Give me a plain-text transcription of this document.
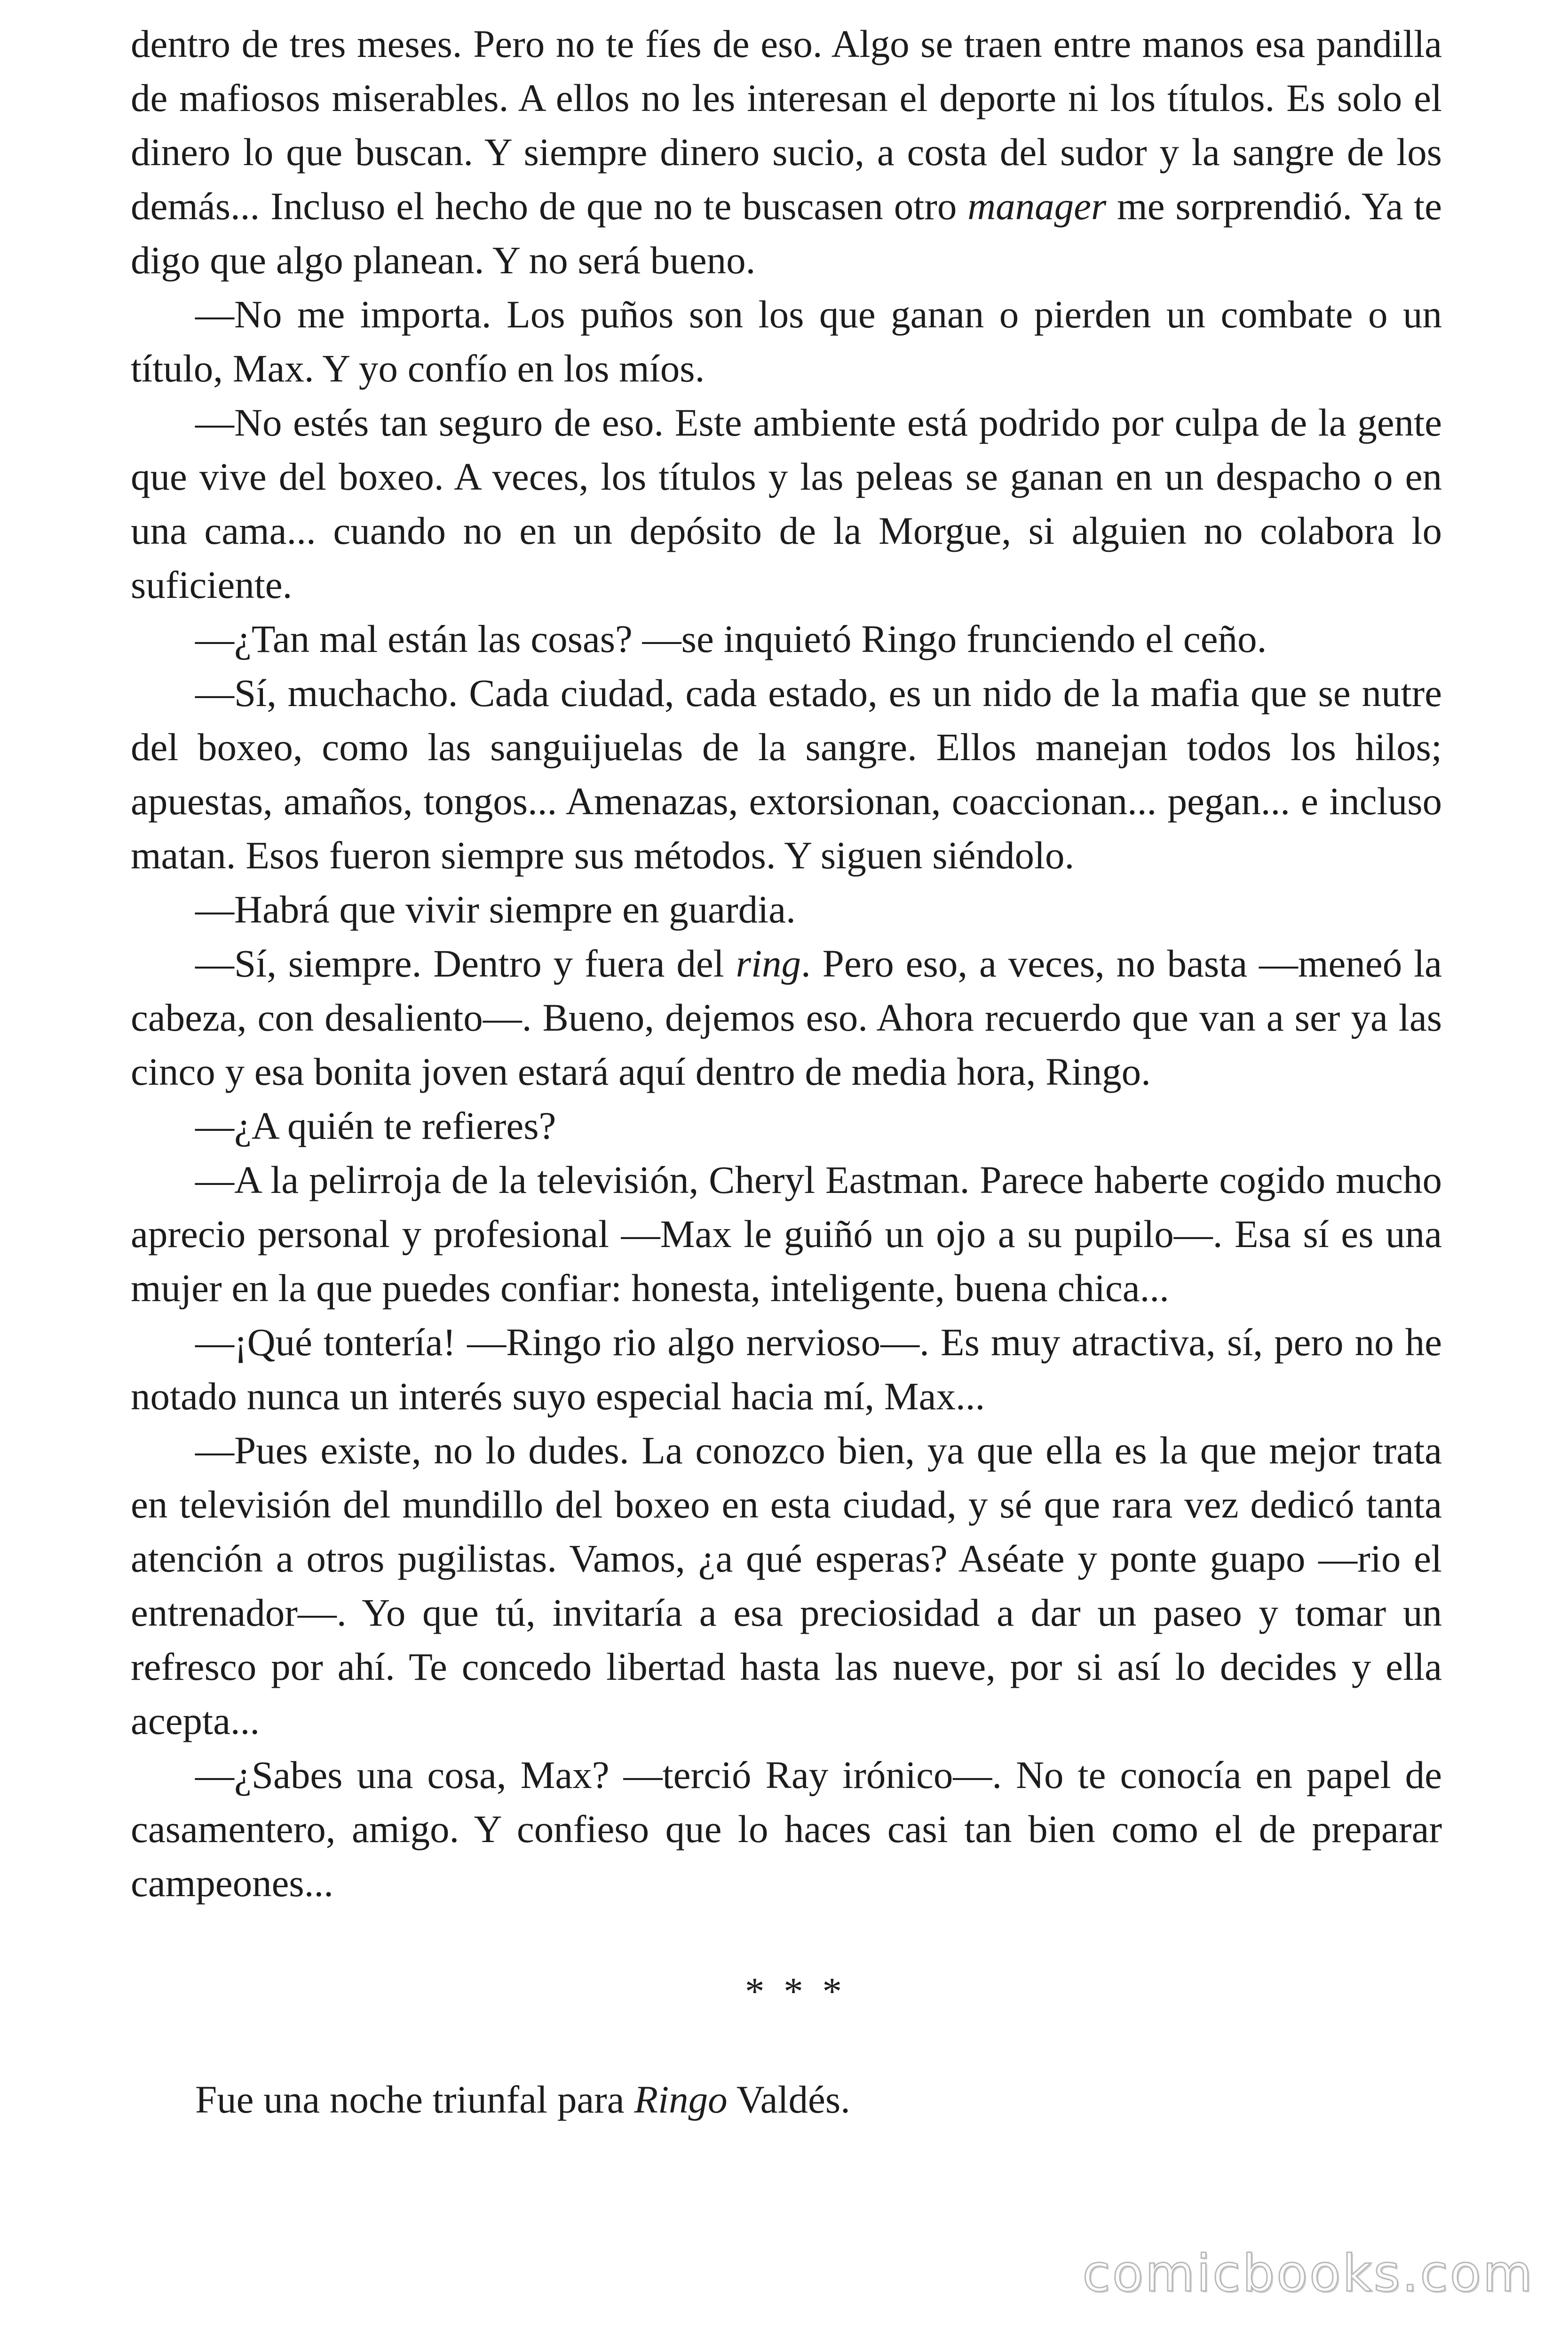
dentro de tres meses. Pero no te fíes de eso. Algo se traen entre manos esa pandilla de mafiosos miserables. A ellos no les interesan el deporte ni los títulos. Es solo el dinero lo que buscan. Y siempre dinero sucio, a costa del sudor y la sangre de los demás... Incluso el hecho de que no te buscasen otro manager me sorprendió. Ya te digo que algo planean. Y no será bueno.

—No me importa. Los puños son los que ganan o pierden un combate o un título, Max. Y yo confío en los míos.

—No estés tan seguro de eso. Este ambiente está podrido por culpa de la gente que vive del boxeo. A veces, los títulos y las peleas se ganan en un despacho o en una cama... cuando no en un depósito de la Morgue, si alguien no colabora lo suficiente.

—¿Tan mal están las cosas? —se inquietó Ringo frunciendo el ceño.

—Sí, muchacho. Cada ciudad, cada estado, es un nido de la mafia que se nutre del boxeo, como las sanguijuelas de la sangre. Ellos manejan todos los hilos; apuestas, amaños, tongos... Amenazas, extorsionan, coaccionan... pegan... e incluso matan. Esos fueron siempre sus métodos. Y siguen siéndolo.

—Habrá que vivir siempre en guardia.

—Sí, siempre. Dentro y fuera del ring. Pero eso, a veces, no basta —meneó la cabeza, con desaliento—. Bueno, dejemos eso. Ahora recuerdo que van a ser ya las cinco y esa bonita joven estará aquí dentro de media hora, Ringo.

—¿A quién te refieres?

—A la pelirroja de la televisión, Cheryl Eastman. Parece haberte cogido mucho aprecio personal y profesional —Max le guiñó un ojo a su pupilo—. Esa sí es una mujer en la que puedes confiar: honesta, inteligente, buena chica...

—¡Qué tontería! —Ringo rio algo nervioso—. Es muy atractiva, sí, pero no he notado nunca un interés suyo especial hacia mí, Max...

—Pues existe, no lo dudes. La conozco bien, ya que ella es la que mejor trata en televisión del mundillo del boxeo en esta ciudad, y sé que rara vez dedicó tanta atención a otros pugilistas. Vamos, ¿a qué esperas? Aséate y ponte guapo —rio el entrenador—. Yo que tú, invitaría a esa preciosidad a dar un paseo y tomar un refresco por ahí. Te concedo libertad hasta las nueve, por si así lo decides y ella acepta...

—¿Sabes una cosa, Max? —terció Ray irónico—. No te conocía en papel de casamentero, amigo. Y confieso que lo haces casi tan bien como el de preparar campeones...

* * *

Fue una noche triunfal para Ringo Valdés.

comicbooks.com
